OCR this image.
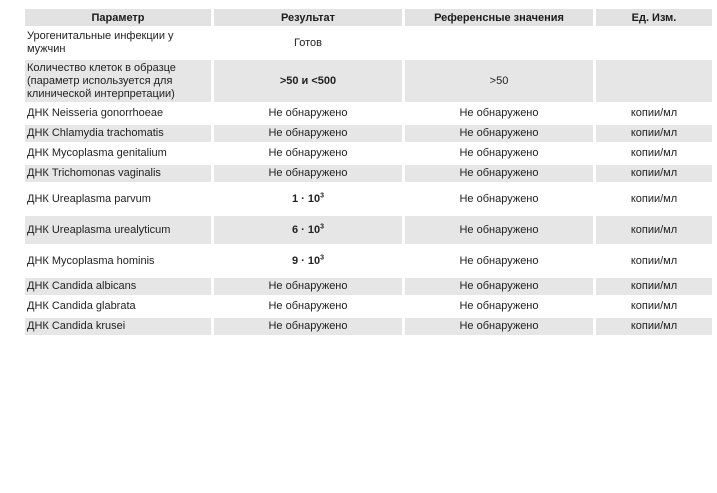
Параметр	Результат	Референсные значения	Ед. Изм.
Урогенитальные инфекции у мужчин	Готов		
Количество клеток в образце (параметр используется для клинической интерпретации)	>50 и <500	>50	
ДНК Neisseria gonorrhoeae	Не обнаружено	Не обнаружено	копии/мл
ДНК Chlamydia trachomatis	Не обнаружено	Не обнаружено	копии/мл
ДНК Mycoplasma genitalium	Не обнаружено	Не обнаружено	копии/мл
ДНК Trichomonas vaginalis	Не обнаружено	Не обнаружено	копии/мл
ДНК Ureaplasma parvum	$1 \cdot 10^3$	Не обнаружено	копии/мл
ДНК Ureaplasma urealyticum	$6 \cdot 10^3$	Не обнаружено	копии/мл
ДНК Mycoplasma hominis	$9 \cdot 10^3$	Не обнаружено	копии/мл
ДНК Candida albicans	Не обнаружено	Не обнаружено	копии/мл
ДНК Candida glabrata	Не обнаружено	Не обнаружено	копии/мл
ДНК Candida krusei	Не обнаружено	Не обнаружено	копии/мл
